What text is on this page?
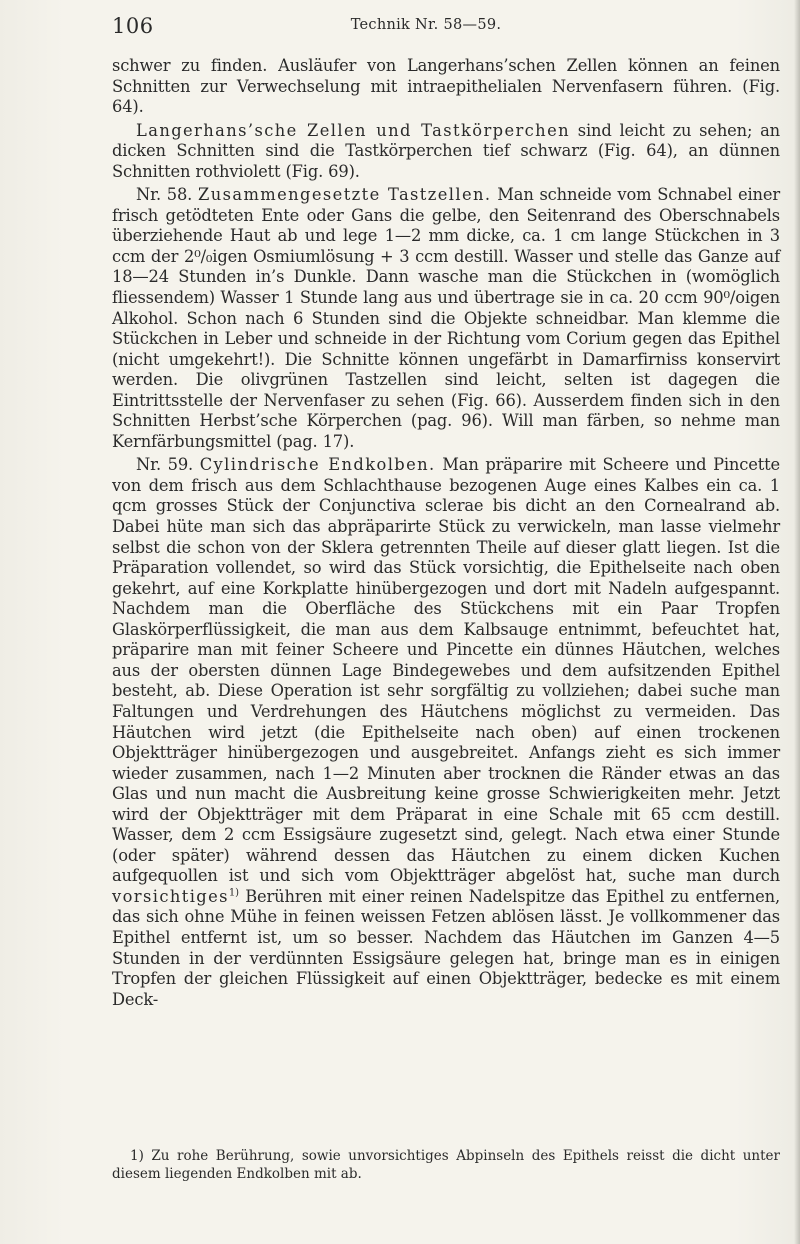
106	Technik Nr. 58—59.

schwer zu finden. Ausläufer von Langerhans’schen Zellen können an feinen Schnitten zur Verwechselung mit intraepithelialen Nervenfasern führen. (Fig. 64).

Langerhans’sche Zellen und Tastkörperchen sind leicht zu sehen; an dicken Schnitten sind die Tastkörperchen tief schwarz (Fig. 64), an dünnen Schnitten rothviolett (Fig. 69).

Nr. 58. Zusammengesetzte Tastzellen. Man schneide vom Schnabel einer frisch getödteten Ente oder Gans die gelbe, den Seitenrand des Oberschnabels überziehende Haut ab und lege 1—2 mm dicke, ca. 1 cm lange Stückchen in 3 ccm der 2⁰/₀igen Osmiumlösung + 3 ccm destill. Wasser und stelle das Ganze auf 18—24 Stunden in’s Dunkle. Dann wasche man die Stückchen in (womöglich fliessendem) Wasser 1 Stunde lang aus und übertrage sie in ca. 20 ccm 90⁰/oigen Alkohol. Schon nach 6 Stunden sind die Objekte schneidbar. Man klemme die Stückchen in Leber und schneide in der Richtung vom Corium gegen das Epithel (nicht umgekehrt!). Die Schnitte können ungefärbt in Damarfirniss konservirt werden. Die olivgrünen Tastzellen sind leicht, selten ist dagegen die Eintrittsstelle der Nervenfaser zu sehen (Fig. 66). Ausserdem finden sich in den Schnitten Herbst’sche Körperchen (pag. 96). Will man färben, so nehme man Kernfärbungsmittel (pag. 17).

Nr. 59. Cylindrische Endkolben. Man präparire mit Scheere und Pincette von dem frisch aus dem Schlachthause bezogenen Auge eines Kalbes ein ca. 1 qcm grosses Stück der Conjunctiva sclerae bis dicht an den Cornealrand ab. Dabei hüte man sich das abpräparirte Stück zu verwickeln, man lasse vielmehr selbst die schon von der Sklera getrennten Theile auf dieser glatt liegen. Ist die Präparation vollendet, so wird das Stück vorsichtig, die Epithelseite nach oben gekehrt, auf eine Korkplatte hinübergezogen und dort mit Nadeln aufgespannt. Nachdem man die Oberfläche des Stückchens mit ein Paar Tropfen Glaskörperflüssigkeit, die man aus dem Kalbsauge entnimmt, befeuchtet hat, präparire man mit feiner Scheere und Pincette ein dünnes Häutchen, welches aus der obersten dünnen Lage Bindegewebes und dem aufsitzenden Epithel besteht, ab. Diese Operation ist sehr sorgfältig zu vollziehen; dabei suche man Faltungen und Verdrehungen des Häutchens möglichst zu vermeiden. Das Häutchen wird jetzt (die Epithelseite nach oben) auf einen trockenen Objektträger hinübergezogen und ausgebreitet. Anfangs zieht es sich immer wieder zusammen, nach 1—2 Minuten aber trocknen die Ränder etwas an das Glas und nun macht die Ausbreitung keine grosse Schwierigkeiten mehr. Jetzt wird der Objektträger mit dem Präparat in eine Schale mit 65 ccm destill. Wasser, dem 2 ccm Essigsäure zugesetzt sind, gelegt. Nach etwa einer Stunde (oder später) während dessen das Häutchen zu einem dicken Kuchen aufgequollen ist und sich vom Objektträger abgelöst hat, suche man durch vorsichtiges$^{1)}$ Berühren mit einer reinen Nadelspitze das Epithel zu entfernen, das sich ohne Mühe in feinen weissen Fetzen ablösen lässt. Je vollkommener das Epithel entfernt ist, um so besser. Nachdem das Häutchen im Ganzen 4—5 Stunden in der verdünnten Essigsäure gelegen hat, bringe man es in einigen Tropfen der gleichen Flüssigkeit auf einen Objektträger, bedecke es mit einem Deck-

1) Zu rohe Berührung, sowie unvorsichtiges Abpinseln des Epithels reisst die dicht unter diesem liegenden Endkolben mit ab.
